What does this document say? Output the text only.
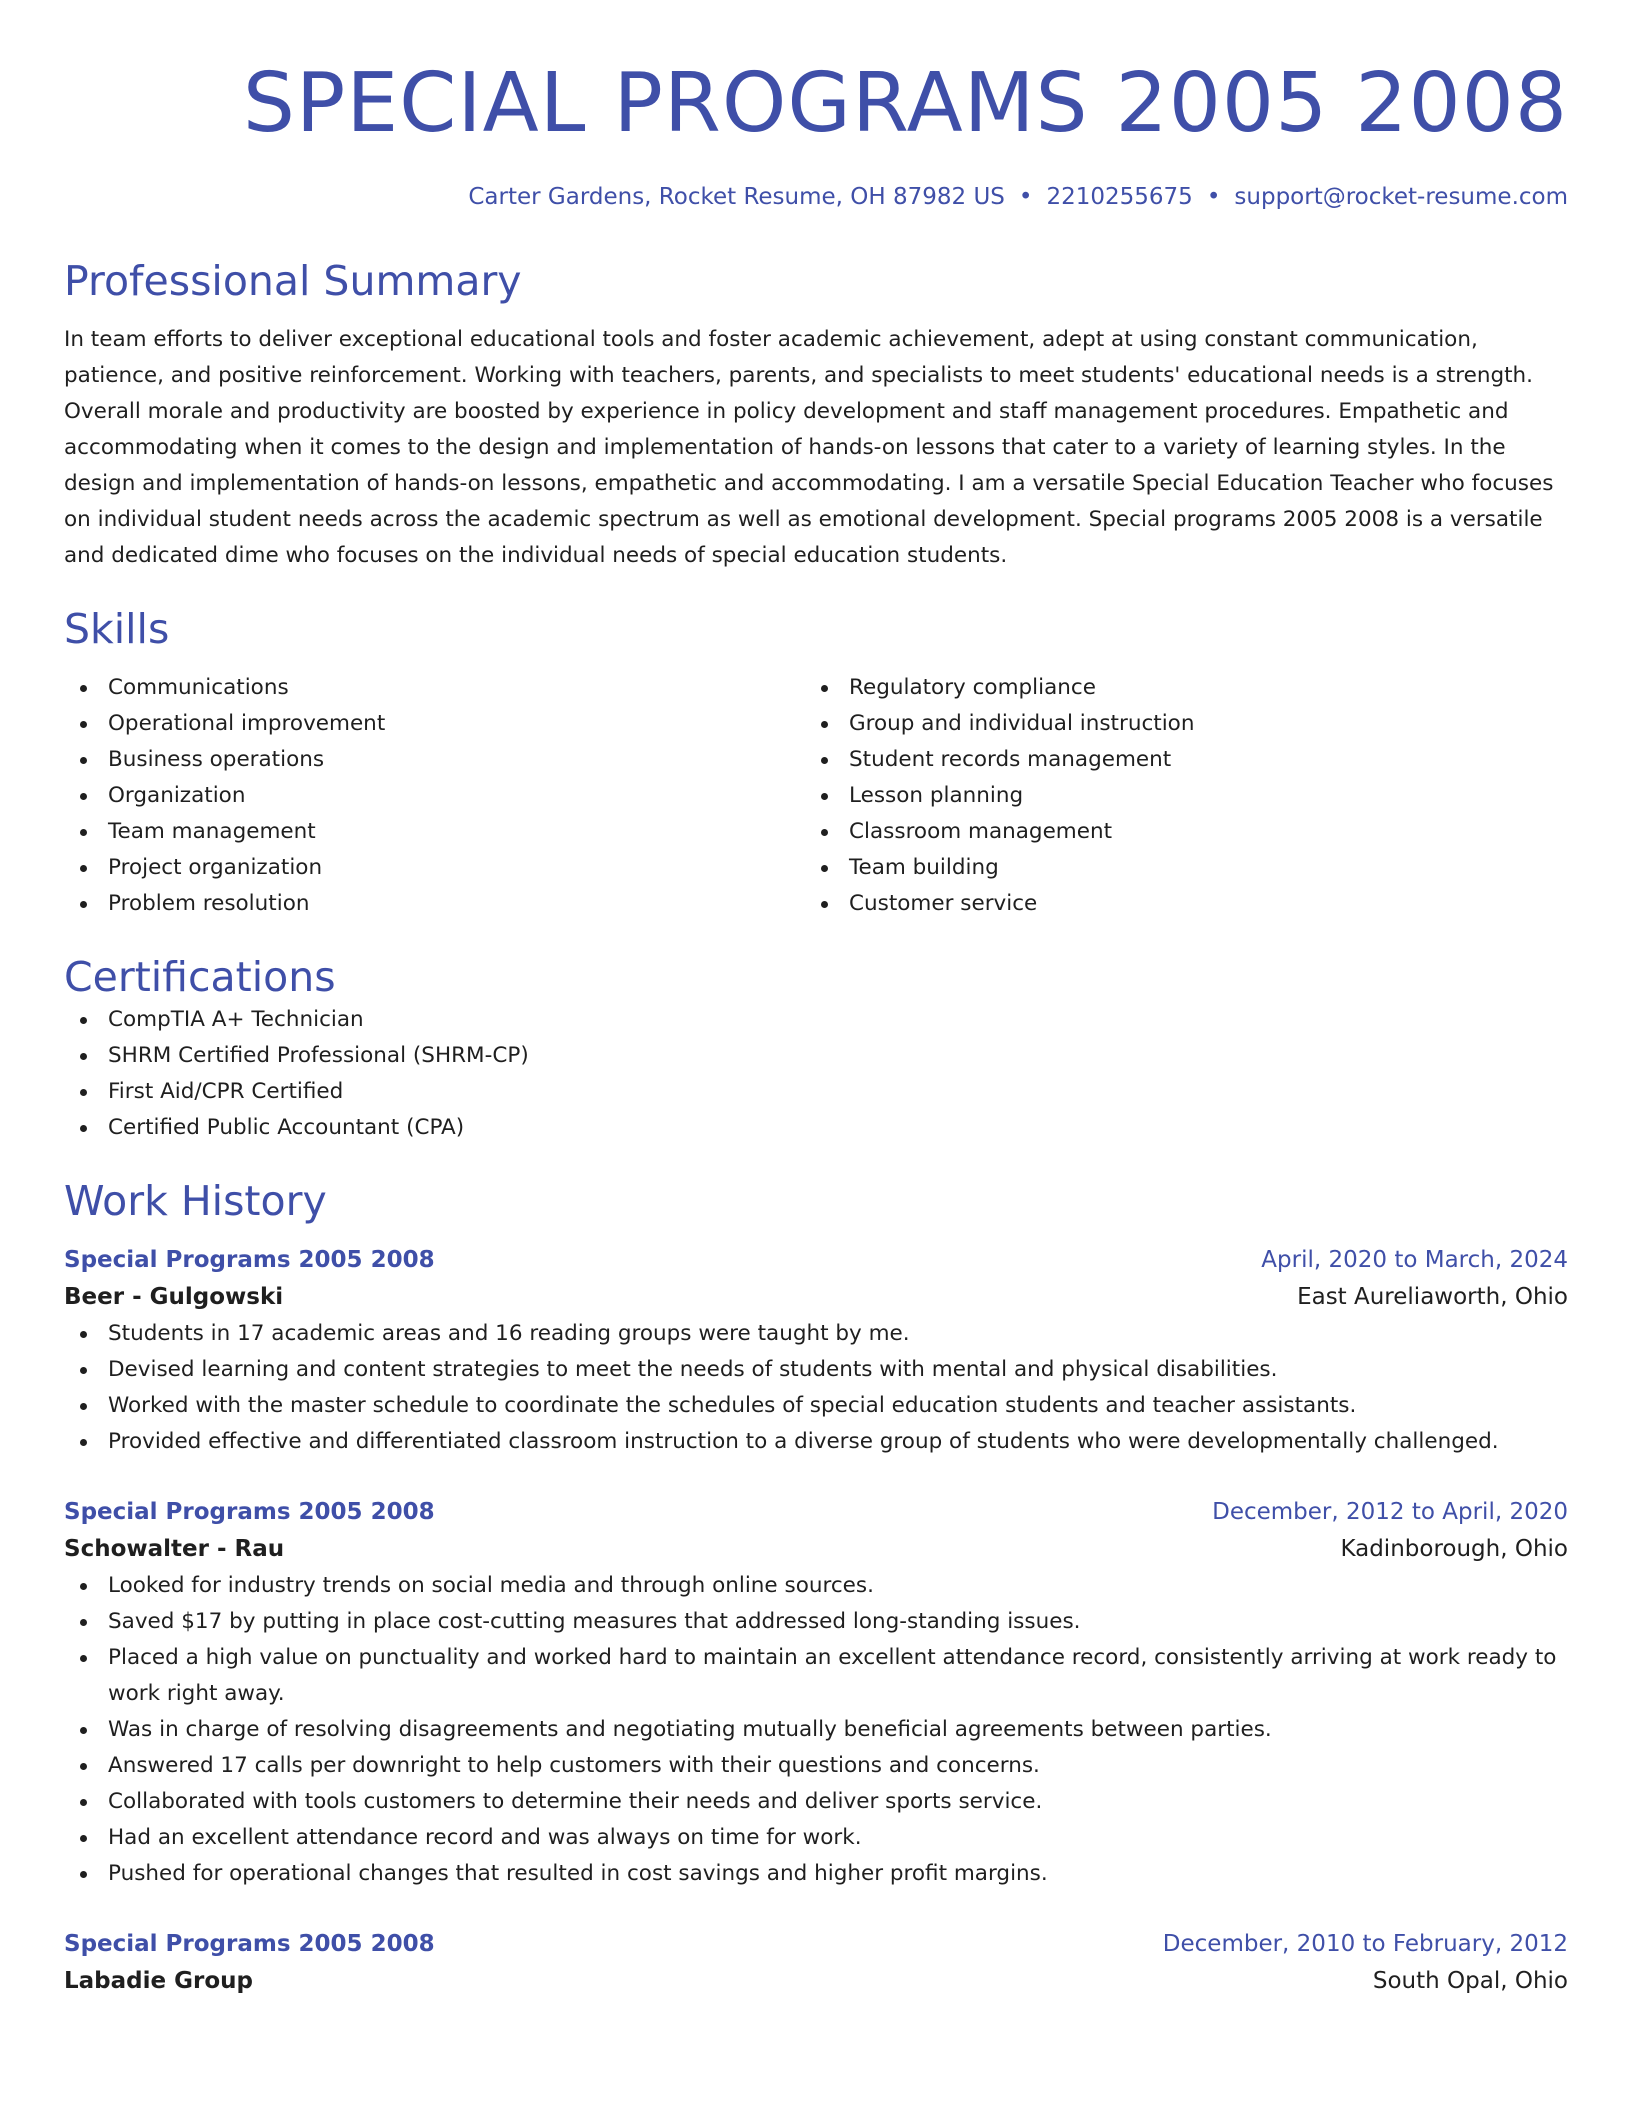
SPECIAL PROGRAMS 2005 2008
Carter Gardens, Rocket Resume, OH 87982 US • 2210255675 • support@rocket-resume.com
Professional Summary

In team efforts to deliver exceptional educational tools and foster academic achievement, adept at using constant communication, patience, and positive reinforcement. Working with teachers, parents, and specialists to meet students' educational needs is a strength. Overall morale and productivity are boosted by experience in policy development and staff management procedures. Empathetic and accommodating when it comes to the design and implementation of hands-on lessons that cater to a variety of learning styles. In the design and implementation of hands-on lessons, empathetic and accommodating. I am a versatile Special Education Teacher who focuses on individual student needs across the academic spectrum as well as emotional development. Special programs 2005 2008 is a versatile and dedicated dime who focuses on the individual needs of special education students.

Skills
Communications
Operational improvement
Business operations
Organization
Team management
Project organization
Problem resolution
Regulatory compliance
Group and individual instruction
Student records management
Lesson planning
Classroom management
Team building
Customer service
Certifications
CompTIA A+ Technician
SHRM Certified Professional (SHRM-CP)
First Aid/CPR Certified
Certified Public Accountant (CPA)
Work History
Special Programs 2005 2008	April, 2020 to March, 2024
Beer - Gulgowski	East Aureliaworth, Ohio
Students in 17 academic areas and 16 reading groups were taught by me.
Devised learning and content strategies to meet the needs of students with mental and physical disabilities.
Worked with the master schedule to coordinate the schedules of special education students and teacher assistants.
Provided effective and differentiated classroom instruction to a diverse group of students who were developmentally challenged.
Special Programs 2005 2008	December, 2012 to April, 2020
Schowalter - Rau	Kadinborough, Ohio
Looked for industry trends on social media and through online sources.
Saved $17 by putting in place cost-cutting measures that addressed long-standing issues.
Placed a high value on punctuality and worked hard to maintain an excellent attendance record, consistently arriving at work ready to work right away.
Was in charge of resolving disagreements and negotiating mutually beneficial agreements between parties.
Answered 17 calls per downright to help customers with their questions and concerns.
Collaborated with tools customers to determine their needs and deliver sports service.
Had an excellent attendance record and was always on time for work.
Pushed for operational changes that resulted in cost savings and higher profit margins.
Special Programs 2005 2008	December, 2010 to February, 2012
Labadie Group	South Opal, Ohio
